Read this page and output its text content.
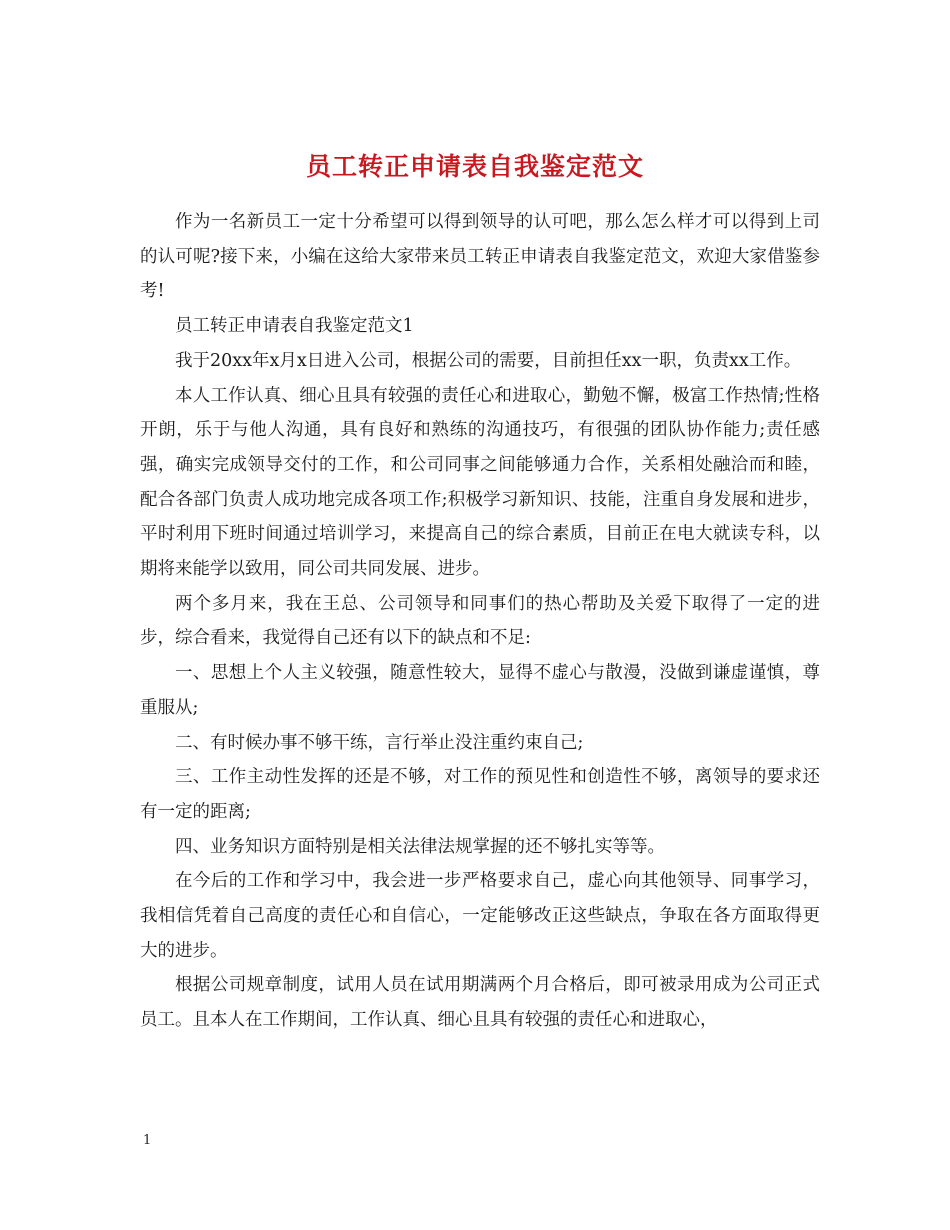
员工转正申请表自我鉴定范文

作为一名新员工一定十分希望可以得到领导的认可吧，那么怎么样才可以得到上司的认可呢?接下来，小编在这给大家带来员工转正申请表自我鉴定范文，欢迎大家借鉴参考!

员工转正申请表自我鉴定范文1

我于20xx年x月x日进入公司，根据公司的需要，目前担任xx一职，负责xx工作。

本人工作认真、细心且具有较强的责任心和进取心，勤勉不懈，极富工作热情;性格开朗，乐于与他人沟通，具有良好和熟练的沟通技巧，有很强的团队协作能力;责任感强，确实完成领导交付的工作，和公司同事之间能够通力合作，关系相处融洽而和睦，配合各部门负责人成功地完成各项工作;积极学习新知识、技能，注重自身发展和进步，平时利用下班时间通过培训学习，来提高自己的综合素质，目前正在电大就读专科，以期将来能学以致用，同公司共同发展、进步。

两个多月来，我在王总、公司领导和同事们的热心帮助及关爱下取得了一定的进步，综合看来，我觉得自己还有以下的缺点和不足:

一、思想上个人主义较强，随意性较大，显得不虚心与散漫，没做到谦虚谨慎，尊重服从;

二、有时候办事不够干练，言行举止没注重约束自己;

三、工作主动性发挥的还是不够，对工作的预见性和创造性不够，离领导的要求还有一定的距离;

四、业务知识方面特别是相关法律法规掌握的还不够扎实等等。

在今后的工作和学习中，我会进一步严格要求自己，虚心向其他领导、同事学习，我相信凭着自己高度的责任心和自信心，一定能够改正这些缺点，争取在各方面取得更大的进步。

根据公司规章制度，试用人员在试用期满两个月合格后，即可被录用成为公司正式员工。且本人在工作期间，工作认真、细心且具有较强的责任心和进取心，

1
